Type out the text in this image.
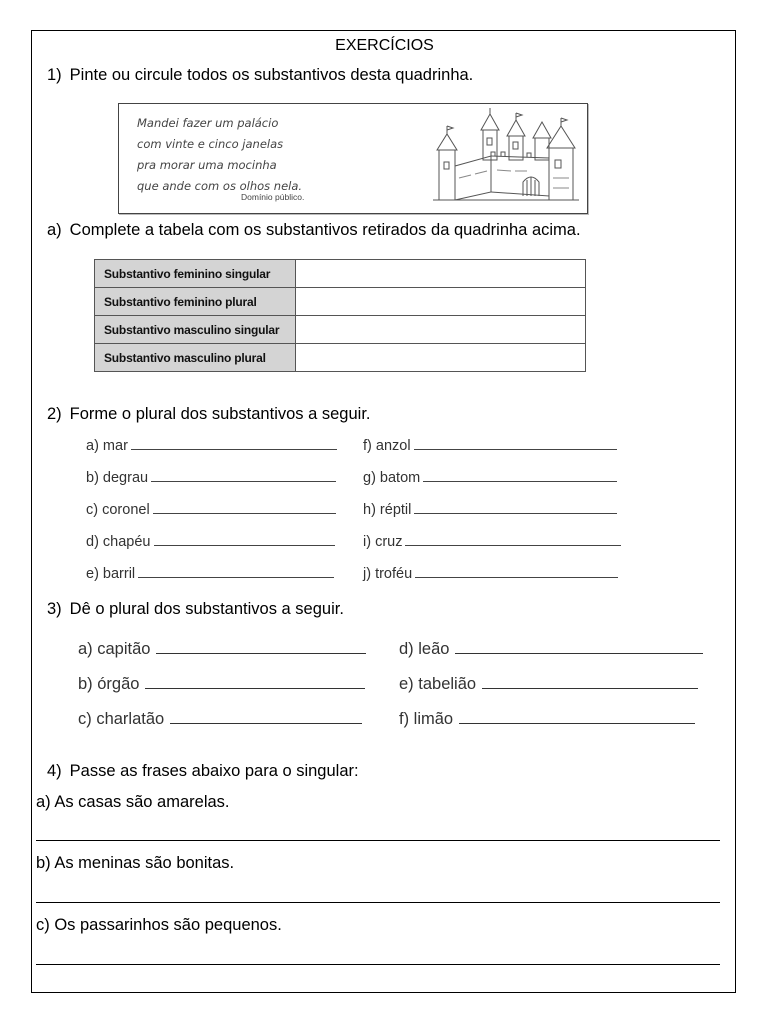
EXERCÍCIOS
1) Pinte ou circule todos os substantivos desta quadrinha.
Mandei fazer um palácio
com vinte e cinco janelas
pra morar uma mocinha
que ande com os olhos nela.
Domínio público.
a) Complete a tabela com os substantivos retirados da quadrinha acima.
Substantivo feminino singular	
Substantivo feminino plural	
Substantivo masculino singular	
Substantivo masculino plural	
2) Forme o plural dos substantivos a seguir.
a) mar
b) degrau
c) coronel
d) chapéu
e) barril
f) anzol
g) batom
h) réptil
i) cruz
j) troféu
3) Dê o plural dos substantivos a seguir.
a) capitão
b) órgão
c) charlatão
d) leão
e) tabelião
f) limão
4) Passe as frases abaixo para o singular:
a) As casas são amarelas.
b) As meninas são bonitas.
c) Os passarinhos são pequenos.
